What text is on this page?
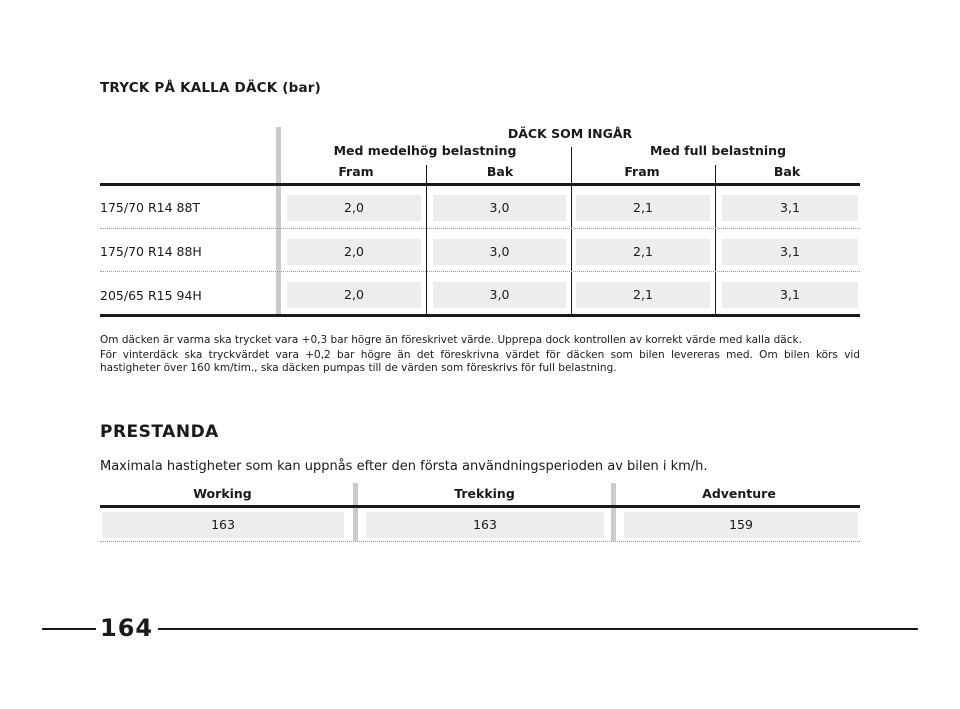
TRYCK PÅ KALLA DÄCK (bar)
DÄCK SOM INGÅR
Med medelhög belastning	Med full belastning
Fram	Bak	Fram	Bak
175/70 R14 88T	2,0	3,0	2,1	3,1
175/70 R14 88H	2,0	3,0	2,1	3,1
205/65 R15 94H	2,0	3,0	2,1	3,1
Om däcken är varma ska trycket vara +0,3 bar högre än föreskrivet värde. Upprepa dock kontrollen av korrekt värde med kalla däck.
För vinterdäck ska tryckvärdet vara +0,2 bar högre än det föreskrivna värdet för däcken som bilen levereras med. Om bilen körs vid hastigheter över 160 km/tim., ska däcken pumpas till de värden som föreskrivs för full belastning.
PRESTANDA
Maximala hastigheter som kan uppnås efter den första användningsperioden av bilen i km/h.
Working	Trekking	Adventure
163	163	159
164
